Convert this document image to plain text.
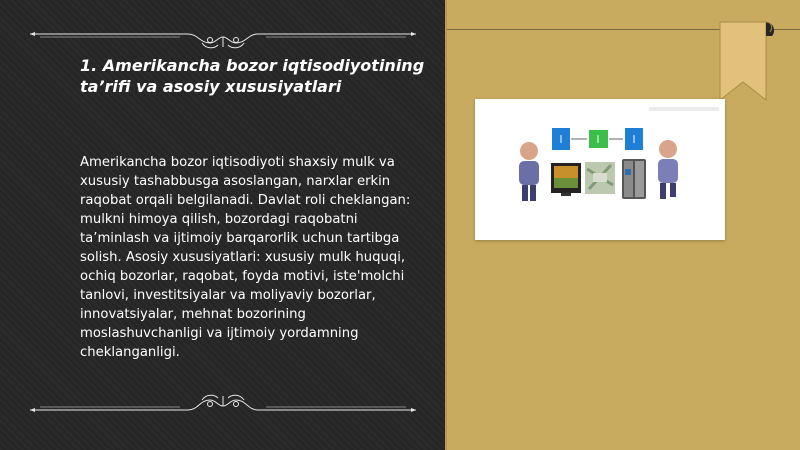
1. Amerikancha bozor iqtisodiyotining ta’rifi va asosiy xususiyatlari

Amerikancha bozor iqtisodiyoti shaxsiy mulk va xususiy tashabbusga asoslangan, narxlar erkin raqobat orqali belgilanadi. Davlat roli cheklangan: mulkni himoya qilish, bozordagi raqobatni ta’minlash va ijtimoiy barqarorlik uchun tartibga solish. Asosiy xususiyatlari: xususiy mulk huquqi, ochiq bozorlar, raqobat, foyda motivi, iste'molchi tanlovi, investitsiyalar va moliyaviy bozorlar, innovatsiyalar, mehnat bozorining moslashuvchanligi va ijtimoiy yordamning cheklanganligi.
